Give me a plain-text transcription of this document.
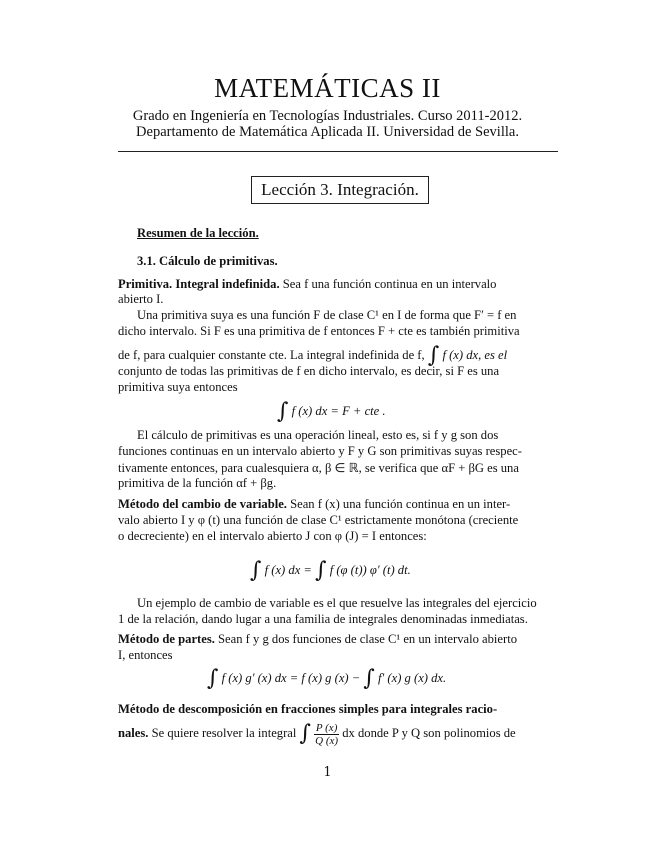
MATEMÁTICAS II
Grado en Ingeniería en Tecnologías Industriales. Curso 2011-2012.
Departamento de Matemática Aplicada II. Universidad de Sevilla.
Lección 3. Integración.
Resumen de la lección.
3.1. Cálculo de primitivas.
Primitiva. Integral indefinida. Sea f una función continua en un intervalo
abierto I.
Una primitiva suya es una función F de clase C¹ en I de forma que F′ = f en
dicho intervalo. Si F es una primitiva de f entonces F + cte es también primitiva
de f, para cualquier constante cte. La integral indefinida de f, ∫ f (x) dx, es el
conjunto de todas las primitivas de f en dicho intervalo, es decir, si F es una
primitiva suya entonces
∫ f (x) dx = F + cte .
El cálculo de primitivas es una operación lineal, esto es, si f y g son dos
funciones continuas en un intervalo abierto y F y G son primitivas suyas respec-
tivamente entonces, para cualesquiera α, β ∈ ℝ, se verifica que αF + βG es una
primitiva de la función αf + βg.
Método del cambio de variable. Sean f (x) una función continua en un inter-
valo abierto I y φ (t) una función de clase C¹ estrictamente monótona (creciente
o decreciente) en el intervalo abierto J con φ (J) = I entonces:
∫ f (x) dx = ∫ f (φ (t)) φ′ (t) dt.
Un ejemplo de cambio de variable es el que resuelve las integrales del ejercicio
1 de la relación, dando lugar a una familia de integrales denominadas inmediatas.
Método de partes. Sean f y g dos funciones de clase C¹ en un intervalo abierto
I, entonces
∫ f (x) g′ (x) dx = f (x) g (x) − ∫ f′ (x) g (x) dx.
Método de descomposición en fracciones simples para integrales racio-
nales. Se quiere resolver la integral ∫ $\frac{P (x)}{Q (x)}$ dx donde P y Q son polinomios de
1
